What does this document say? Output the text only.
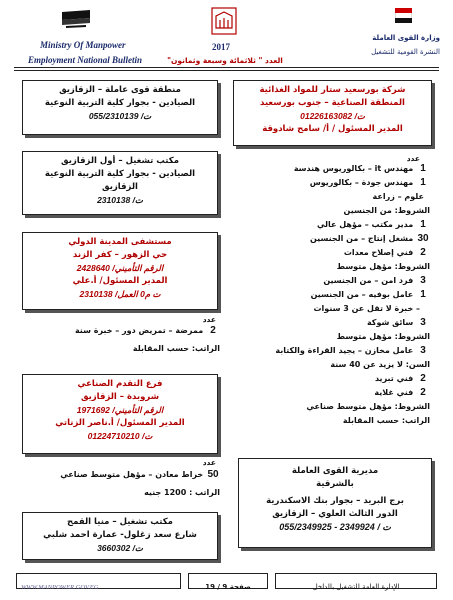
Ministry Of Manpower
Employment National Bulletin
2017
العدد " ثلاثمائة وسبعة وثمانون"
وزارة القوى العاملة
النشرة القومية للتشغيل
شركة بورسعيد ستار للمواد الغذائية
المنطقة الصناعية – جنوب بورسعيد
ت/ 01226163082
المدير المسئول / أ/ سامح شادوقة
عدد
1 مهندس it – بكالوريوس هندسة
1 مهندس جودة – بكالوريوس
علوم – زراعة
الشروط: من الجنسين
1 مدير مكتب – مؤهل عالي
30 مشغل إنتاج – من الجنسين
2 فني إصلاح معدات
الشروط: مؤهل متوسط
3 فرد امن – من الجنسين
1 عامل بوفيه – من الجنسين
– خبرة لا تقل عن 3 سنوات
3 سائق شوكة
الشروط: مؤهل متوسط
3 عامل مخازن – يجيد القراءة والكتابة
السن: لا يزيد عن 40 سنة
2 فني تبريد
2 فني غلاية
الشروط: مؤهل متوسط صناعي
الراتب: حسب المقابلة
مديرية القوى العاملة
بالشرقية
برج البريد – بجوار بنك الاسكندرية
الدور الثالث العلوي – الزقازيق
ت / 2349924 - 055/2349925
منطقة قوى عاملة – الزقازيق
الصيادين - بجوار كلية التربية النوعية
ت/ 055/2310139
مكتب تشغيل – أول الزقازيق
الصيادين - بجوار كلية التربية النوعية
الزقازيق
ت/ 2310138
مستشفى المدينة الدولي
حي الزهور – كفر الزند
الرقم التأميني/ 2428640
المدير المسئول/ أ.علي
ت م0 العمل/ 2310138
عدد
2 ممرضة – تمريض دور – خبرة سنة
الراتب: حسب المقابلة
فرع التقدم الصناعي
شروبدة – الزقازيق
الرقم التأميني/ 1971692
المدير المسئول/ أ.ناصر الزناتي
ت/ 01224710210
عدد
50 خراط معادن – مؤهل متوسط صناعي
الراتب : 1200 جنيه
مكتب تشغيل – منيا القمح
شارع سعد زغلول- عمارة احمد شلبي
ت/ 3660302
WWW.MANPOWER.GOV.EG	صفحة 9 / 19	الإدارة العامة للتشغيل بالداخل
